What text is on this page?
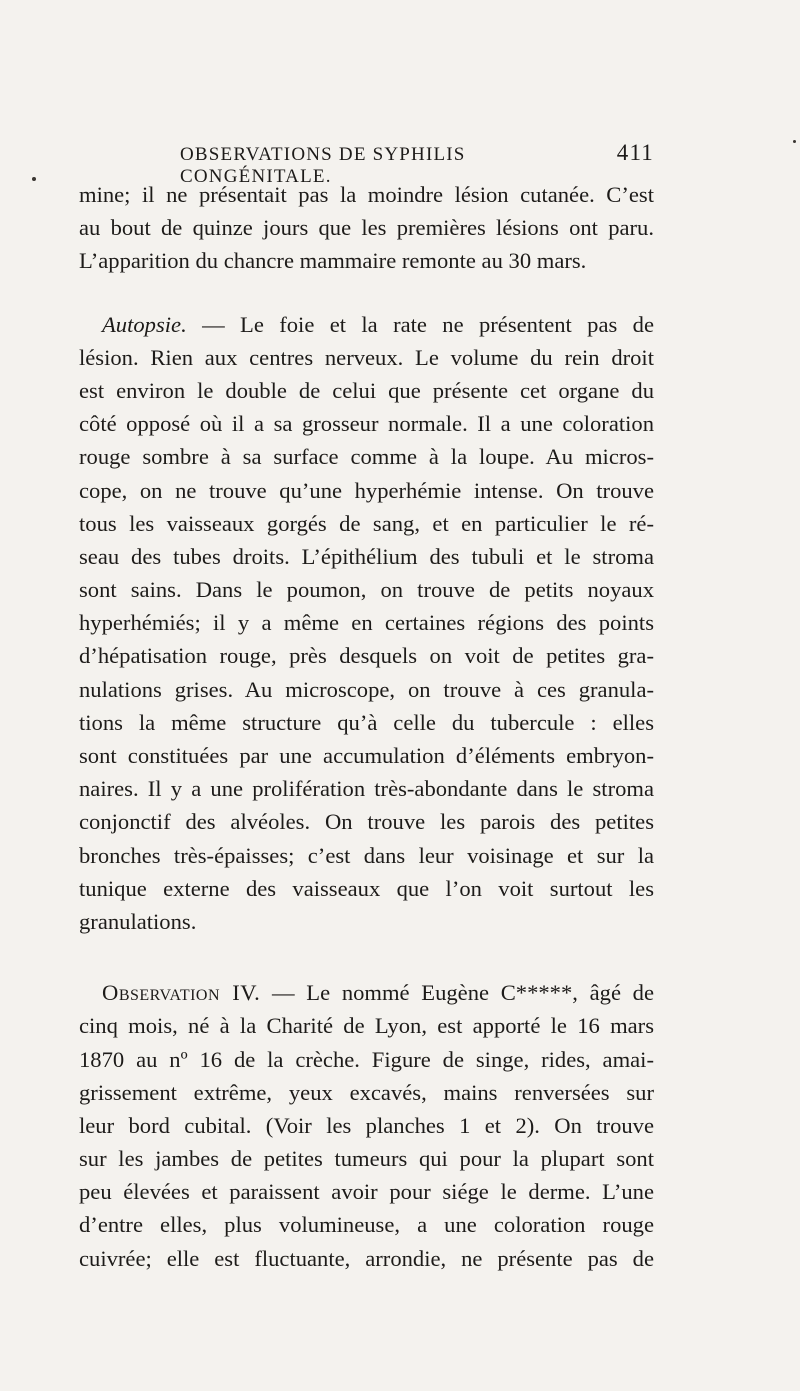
OBSERVATIONS DE SYPHILIS CONGÉNITALE.
411
mine; il ne présentait pas la moindre lésion cutanée. C’est
au bout de quinze jours que les premières lésions ont paru.
L’apparition du chancre mammaire remonte au 30 mars.
Autopsie. — Le foie et la rate ne présentent pas de
lésion. Rien aux centres nerveux. Le volume du rein droit
est environ le double de celui que présente cet organe du
côté opposé où il a sa grosseur normale. Il a une coloration
rouge sombre à sa surface comme à la loupe. Au micros-
cope, on ne trouve qu’une hyperhémie intense. On trouve
tous les vaisseaux gorgés de sang, et en particulier le ré-
seau des tubes droits. L’épithélium des tubuli et le stroma
sont sains. Dans le poumon, on trouve de petits noyaux
hyperhémiés; il y a même en certaines régions des points
d’hépatisation rouge, près desquels on voit de petites gra-
nulations grises. Au microscope, on trouve à ces granula-
tions la même structure qu’à celle du tubercule : elles
sont constituées par une accumulation d’éléments embryon-
naires. Il y a une prolifération très-abondante dans le stroma
conjonctif des alvéoles. On trouve les parois des petites
bronches très-épaisses; c’est dans leur voisinage et sur la
tunique externe des vaisseaux que l’on voit surtout les
granulations.
Observation IV. — Le nommé Eugène C*****, âgé de
cinq mois, né à la Charité de Lyon, est apporté le 16 mars
1870 au nº 16 de la crèche. Figure de singe, rides, amai-
grissement extrême, yeux excavés, mains renversées sur
leur bord cubital. (Voir les planches 1 et 2). On trouve
sur les jambes de petites tumeurs qui pour la plupart sont
peu élevées et paraissent avoir pour siége le derme. L’une
d’entre elles, plus volumineuse, a une coloration rouge
cuivrée; elle est fluctuante, arrondie, ne présente pas de
